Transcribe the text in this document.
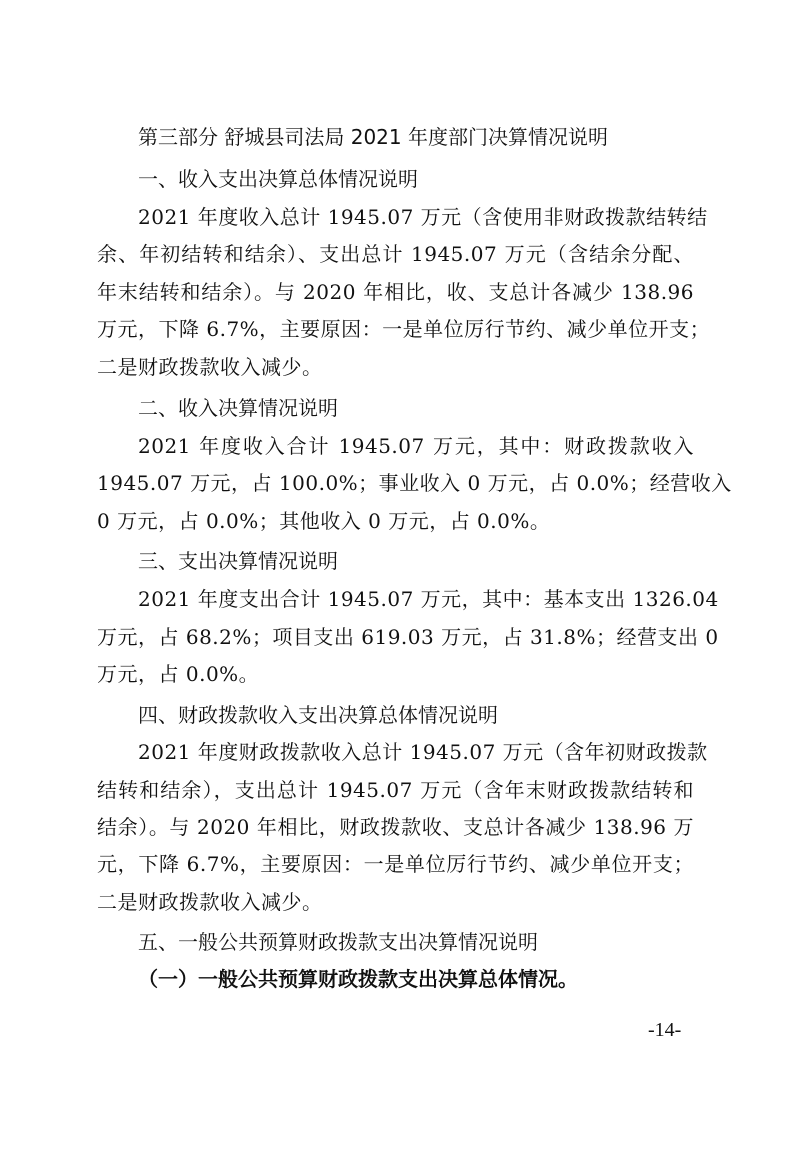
第三部分 舒城县司法局 2021 年度部门决算情况说明
一、收入支出决算总体情况说明
2021 年度收入总计 1945.07 万元（含使用非财政拨款结转结
余、年初结转和结余）、支出总计 1945.07 万元（含结余分配、
年末结转和结余）。与 2020 年相比，收、支总计各减少 138.96
万元，下降 6.7%，主要原因：一是单位厉行节约、减少单位开支；
二是财政拨款收入减少。
二、收入决算情况说明
2021 年度收入合计 1945.07 万元，其中：财政拨款收入
1945.07 万元，占 100.0%；事业收入 0 万元，占 0.0%；经营收入
0 万元，占 0.0%；其他收入 0 万元，占 0.0%。
三、支出决算情况说明
2021 年度支出合计 1945.07 万元，其中：基本支出 1326.04
万元，占 68.2%；项目支出 619.03 万元，占 31.8%；经营支出 0
万元，占 0.0%。
四、财政拨款收入支出决算总体情况说明
2021 年度财政拨款收入总计 1945.07 万元（含年初财政拨款
结转和结余），支出总计 1945.07 万元（含年末财政拨款结转和
结余）。与 2020 年相比，财政拨款收、支总计各减少 138.96 万
元，下降 6.7%，主要原因：一是单位厉行节约、减少单位开支；
二是财政拨款收入减少。
五、一般公共预算财政拨款支出决算情况说明
（一）一般公共预算财政拨款支出决算总体情况。
-14-
